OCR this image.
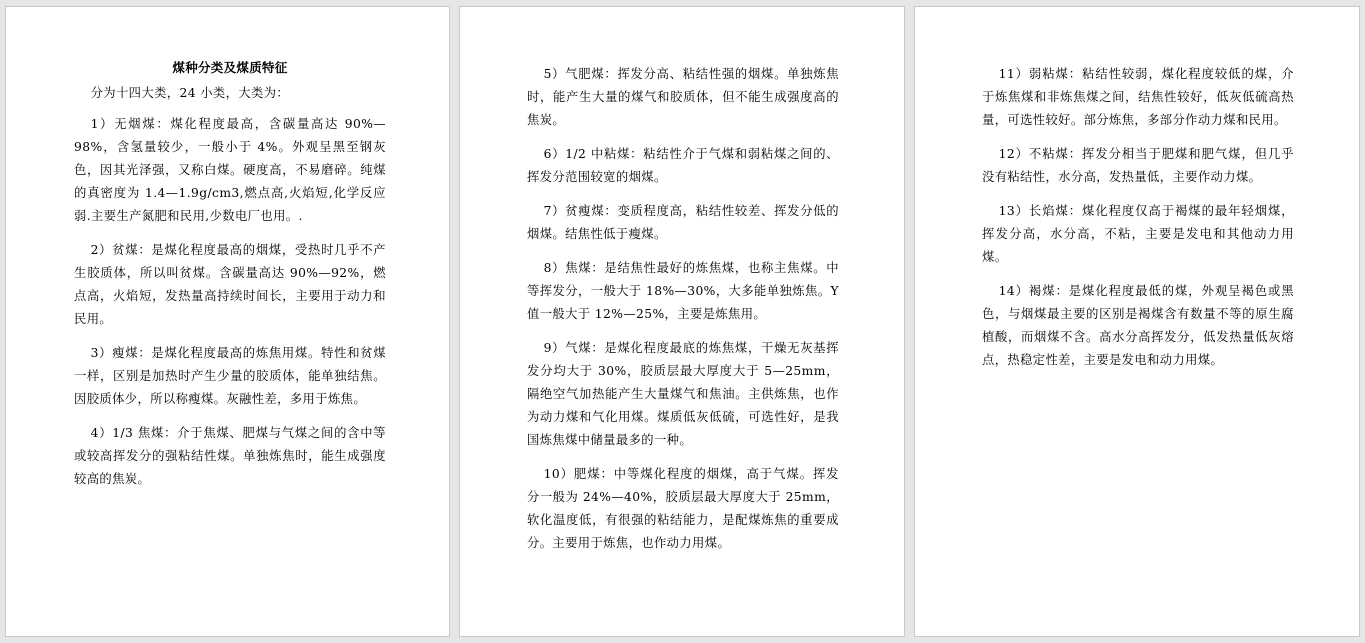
煤种分类及煤质特征

分为十四大类，24 小类，大类为：

1）无烟煤：煤化程度最高，含碳量高达 90%—98%，含氢量较少，一般小于 4%。外观呈黑至钢灰色，因其光泽强，又称白煤。硬度高，不易磨碎。纯煤的真密度为 1.4—1.9g/cm3,燃点高,火焰短,化学反应弱.主要生产氮肥和民用,少数电厂也用。.

2）贫煤：是煤化程度最高的烟煤，受热时几乎不产生胶质体，所以叫贫煤。含碳量高达 90%—92%，燃点高，火焰短，发热量高持续时间长，主要用于动力和民用。

3）瘦煤：是煤化程度最高的炼焦用煤。特性和贫煤一样，区别是加热时产生少量的胶质体，能单独结焦。因胶质体少，所以称瘦煤。灰融性差，多用于炼焦。

4）1/3 焦煤：介于焦煤、肥煤与气煤之间的含中等或较高挥发分的强粘结性煤。单独炼焦时，能生成强度较高的焦炭。

5）气肥煤：挥发分高、粘结性强的烟煤。单独炼焦时，能产生大量的煤气和胶质体，但不能生成强度高的焦炭。

6）1/2 中粘煤：粘结性介于气煤和弱粘煤之间的、挥发分范围较宽的烟煤。

7）贫瘦煤：变质程度高，粘结性较差、挥发分低的烟煤。结焦性低于瘦煤。

8）焦煤：是结焦性最好的炼焦煤，也称主焦煤。中等挥发分，一般大于 18%—30%，大多能单独炼焦。Y 值一般大于 12%—25%，主要是炼焦用。

9）气煤：是煤化程度最底的炼焦煤，干燥无灰基挥发分均大于 30%，胶质层最大厚度大于 5—25mm，隔绝空气加热能产生大量煤气和焦油。主供炼焦，也作为动力煤和气化用煤。煤质低灰低硫，可选性好，是我国炼焦煤中储量最多的一种。

10）肥煤：中等煤化程度的烟煤，高于气煤。挥发分一般为 24%—40%，胶质层最大厚度大于 25mm，软化温度低，有很强的粘结能力，是配煤炼焦的重要成分。主要用于炼焦，也作动力用煤。

11）弱粘煤：粘结性较弱，煤化程度较低的煤，介于炼焦煤和非炼焦煤之间，结焦性较好，低灰低硫高热量，可选性较好。部分炼焦，多部分作动力煤和民用。

12）不粘煤：挥发分相当于肥煤和肥气煤，但几乎没有粘结性，水分高，发热量低，主要作动力煤。

13）长焰煤：煤化程度仅高于褐煤的最年轻烟煤，挥发分高，水分高，不粘，主要是发电和其他动力用煤。

14）褐煤：是煤化程度最低的煤，外观呈褐色或黑色，与烟煤最主要的区别是褐煤含有数量不等的原生腐植酸，而烟煤不含。高水分高挥发分，低发热量低灰熔点，热稳定性差，主要是发电和动力用煤。
